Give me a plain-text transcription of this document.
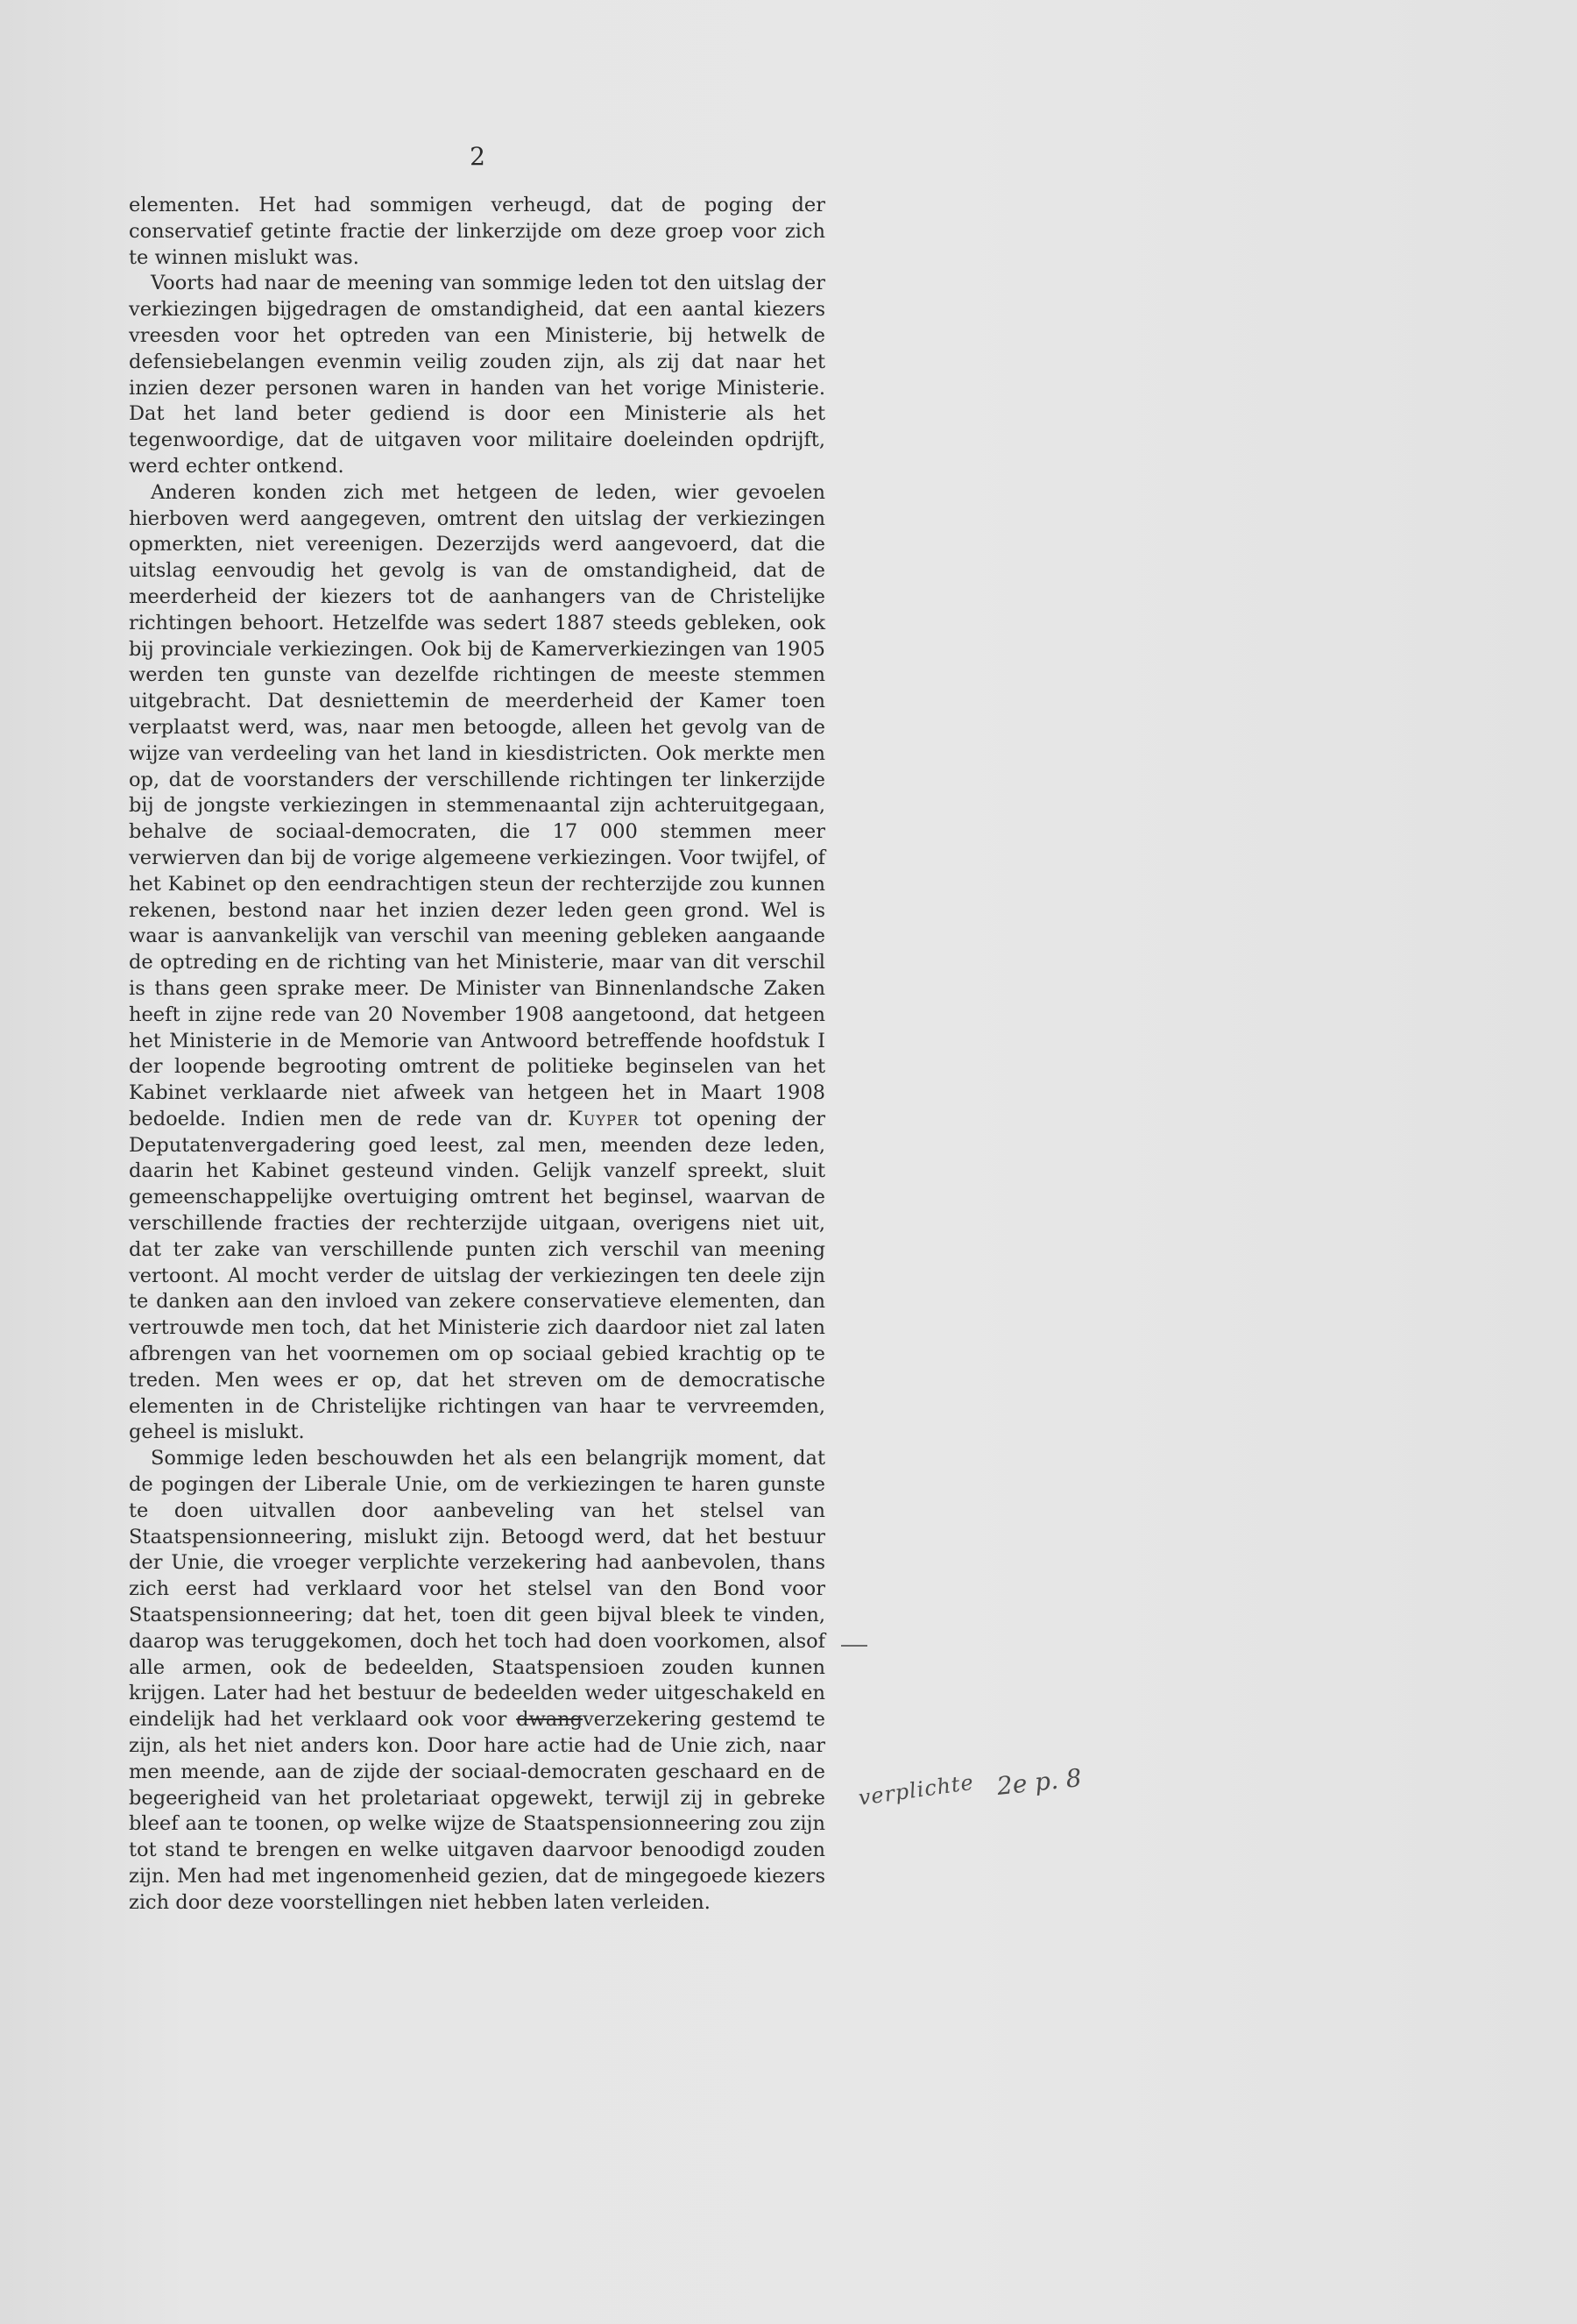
2

elementen. Het had sommigen verheugd, dat de poging der conservatief getinte fractie der linkerzijde om deze groep voor zich te winnen mislukt was.

Voorts had naar de meening van sommige leden tot den uitslag der verkiezingen bijgedragen de omstandigheid, dat een aantal kiezers vreesden voor het optreden van een Ministerie, bij hetwelk de defensiebelangen evenmin veilig zouden zijn, als zij dat naar het inzien dezer personen waren in handen van het vorige Ministerie. Dat het land beter gediend is door een Ministerie als het tegenwoordige, dat de uitgaven voor militaire doeleinden opdrijft, werd echter ontkend.

Anderen konden zich met hetgeen de leden, wier gevoelen hierboven werd aangegeven, omtrent den uitslag der verkiezingen opmerkten, niet vereenigen. Dezerzijds werd aangevoerd, dat die uitslag eenvoudig het gevolg is van de omstandigheid, dat de meerderheid der kiezers tot de aanhangers van de Christelijke richtingen behoort. Hetzelfde was sedert 1887 steeds gebleken, ook bij provinciale verkiezingen. Ook bij de Kamerverkiezingen van 1905 werden ten gunste van dezelfde richtingen de meeste stemmen uitgebracht. Dat desniettemin de meerderheid der Kamer toen verplaatst werd, was, naar men betoogde, alleen het gevolg van de wijze van verdeeling van het land in kiesdistricten. Ook merkte men op, dat de voorstanders der verschillende richtingen ter linkerzijde bij de jongste verkiezingen in stemmenaantal zijn achteruitgegaan, behalve de sociaal-democraten, die 17 000 stemmen meer verwierven dan bij de vorige algemeene verkiezingen. Voor twijfel, of het Kabinet op den eendrachtigen steun der rechterzijde zou kunnen rekenen, bestond naar het inzien dezer leden geen grond. Wel is waar is aanvankelijk van verschil van meening gebleken aangaande de optreding en de richting van het Ministerie, maar van dit verschil is thans geen sprake meer. De Minister van Binnenlandsche Zaken heeft in zijne rede van 20 November 1908 aangetoond, dat hetgeen het Ministerie in de Memorie van Antwoord betreffende hoofdstuk I der loopende begrooting omtrent de politieke beginselen van het Kabinet verklaarde niet afweek van hetgeen het in Maart 1908 bedoelde. Indien men de rede van dr. Kuyper tot opening der Deputatenvergadering goed leest, zal men, meenden deze leden, daarin het Kabinet gesteund vinden. Gelijk vanzelf spreekt, sluit gemeenschappelijke overtuiging omtrent het beginsel, waarvan de verschillende fracties der rechterzijde uitgaan, overigens niet uit, dat ter zake van verschillende punten zich verschil van meening vertoont. Al mocht verder de uitslag der verkiezingen ten deele zijn te danken aan den invloed van zekere conservatieve elementen, dan vertrouwde men toch, dat het Ministerie zich daardoor niet zal laten afbrengen van het voornemen om op sociaal gebied krachtig op te treden. Men wees er op, dat het streven om de democratische elementen in de Christelijke richtingen van haar te vervreemden, geheel is mislukt.

Sommige leden beschouwden het als een belangrijk moment, dat de pogingen der Liberale Unie, om de verkiezingen te haren gunste te doen uitvallen door aanbeveling van het stelsel van Staatspensionneering, mislukt zijn. Betoogd werd, dat het bestuur der Unie, die vroeger verplichte verzekering had aanbevolen, thans zich eerst had verklaard voor het stelsel van den Bond voor Staatspensionneering; dat het, toen dit geen bijval bleek te vinden, daarop was teruggekomen, doch het toch had doen voorkomen, alsof alle armen, ook de bedeelden, Staatspensioen zouden kunnen krijgen. Later had het bestuur de bedeelden weder uitgeschakeld en eindelijk had het verklaard ook voor dwangverzekering gestemd te zijn, als het niet anders kon. Door hare actie had de Unie zich, naar men meende, aan de zijde der sociaal-democraten geschaard en de begeerigheid van het proletariaat opgewekt, terwijl zij in gebreke bleef aan te toonen, op welke wijze de Staatspensionneering zou zijn tot stand te brengen en welke uitgaven daarvoor benoodigd zouden zijn. Men had met ingenomenheid gezien, dat de mingegoede kiezers zich door deze voorstellingen niet hebben laten verleiden.

verplichte 2e p. 8
